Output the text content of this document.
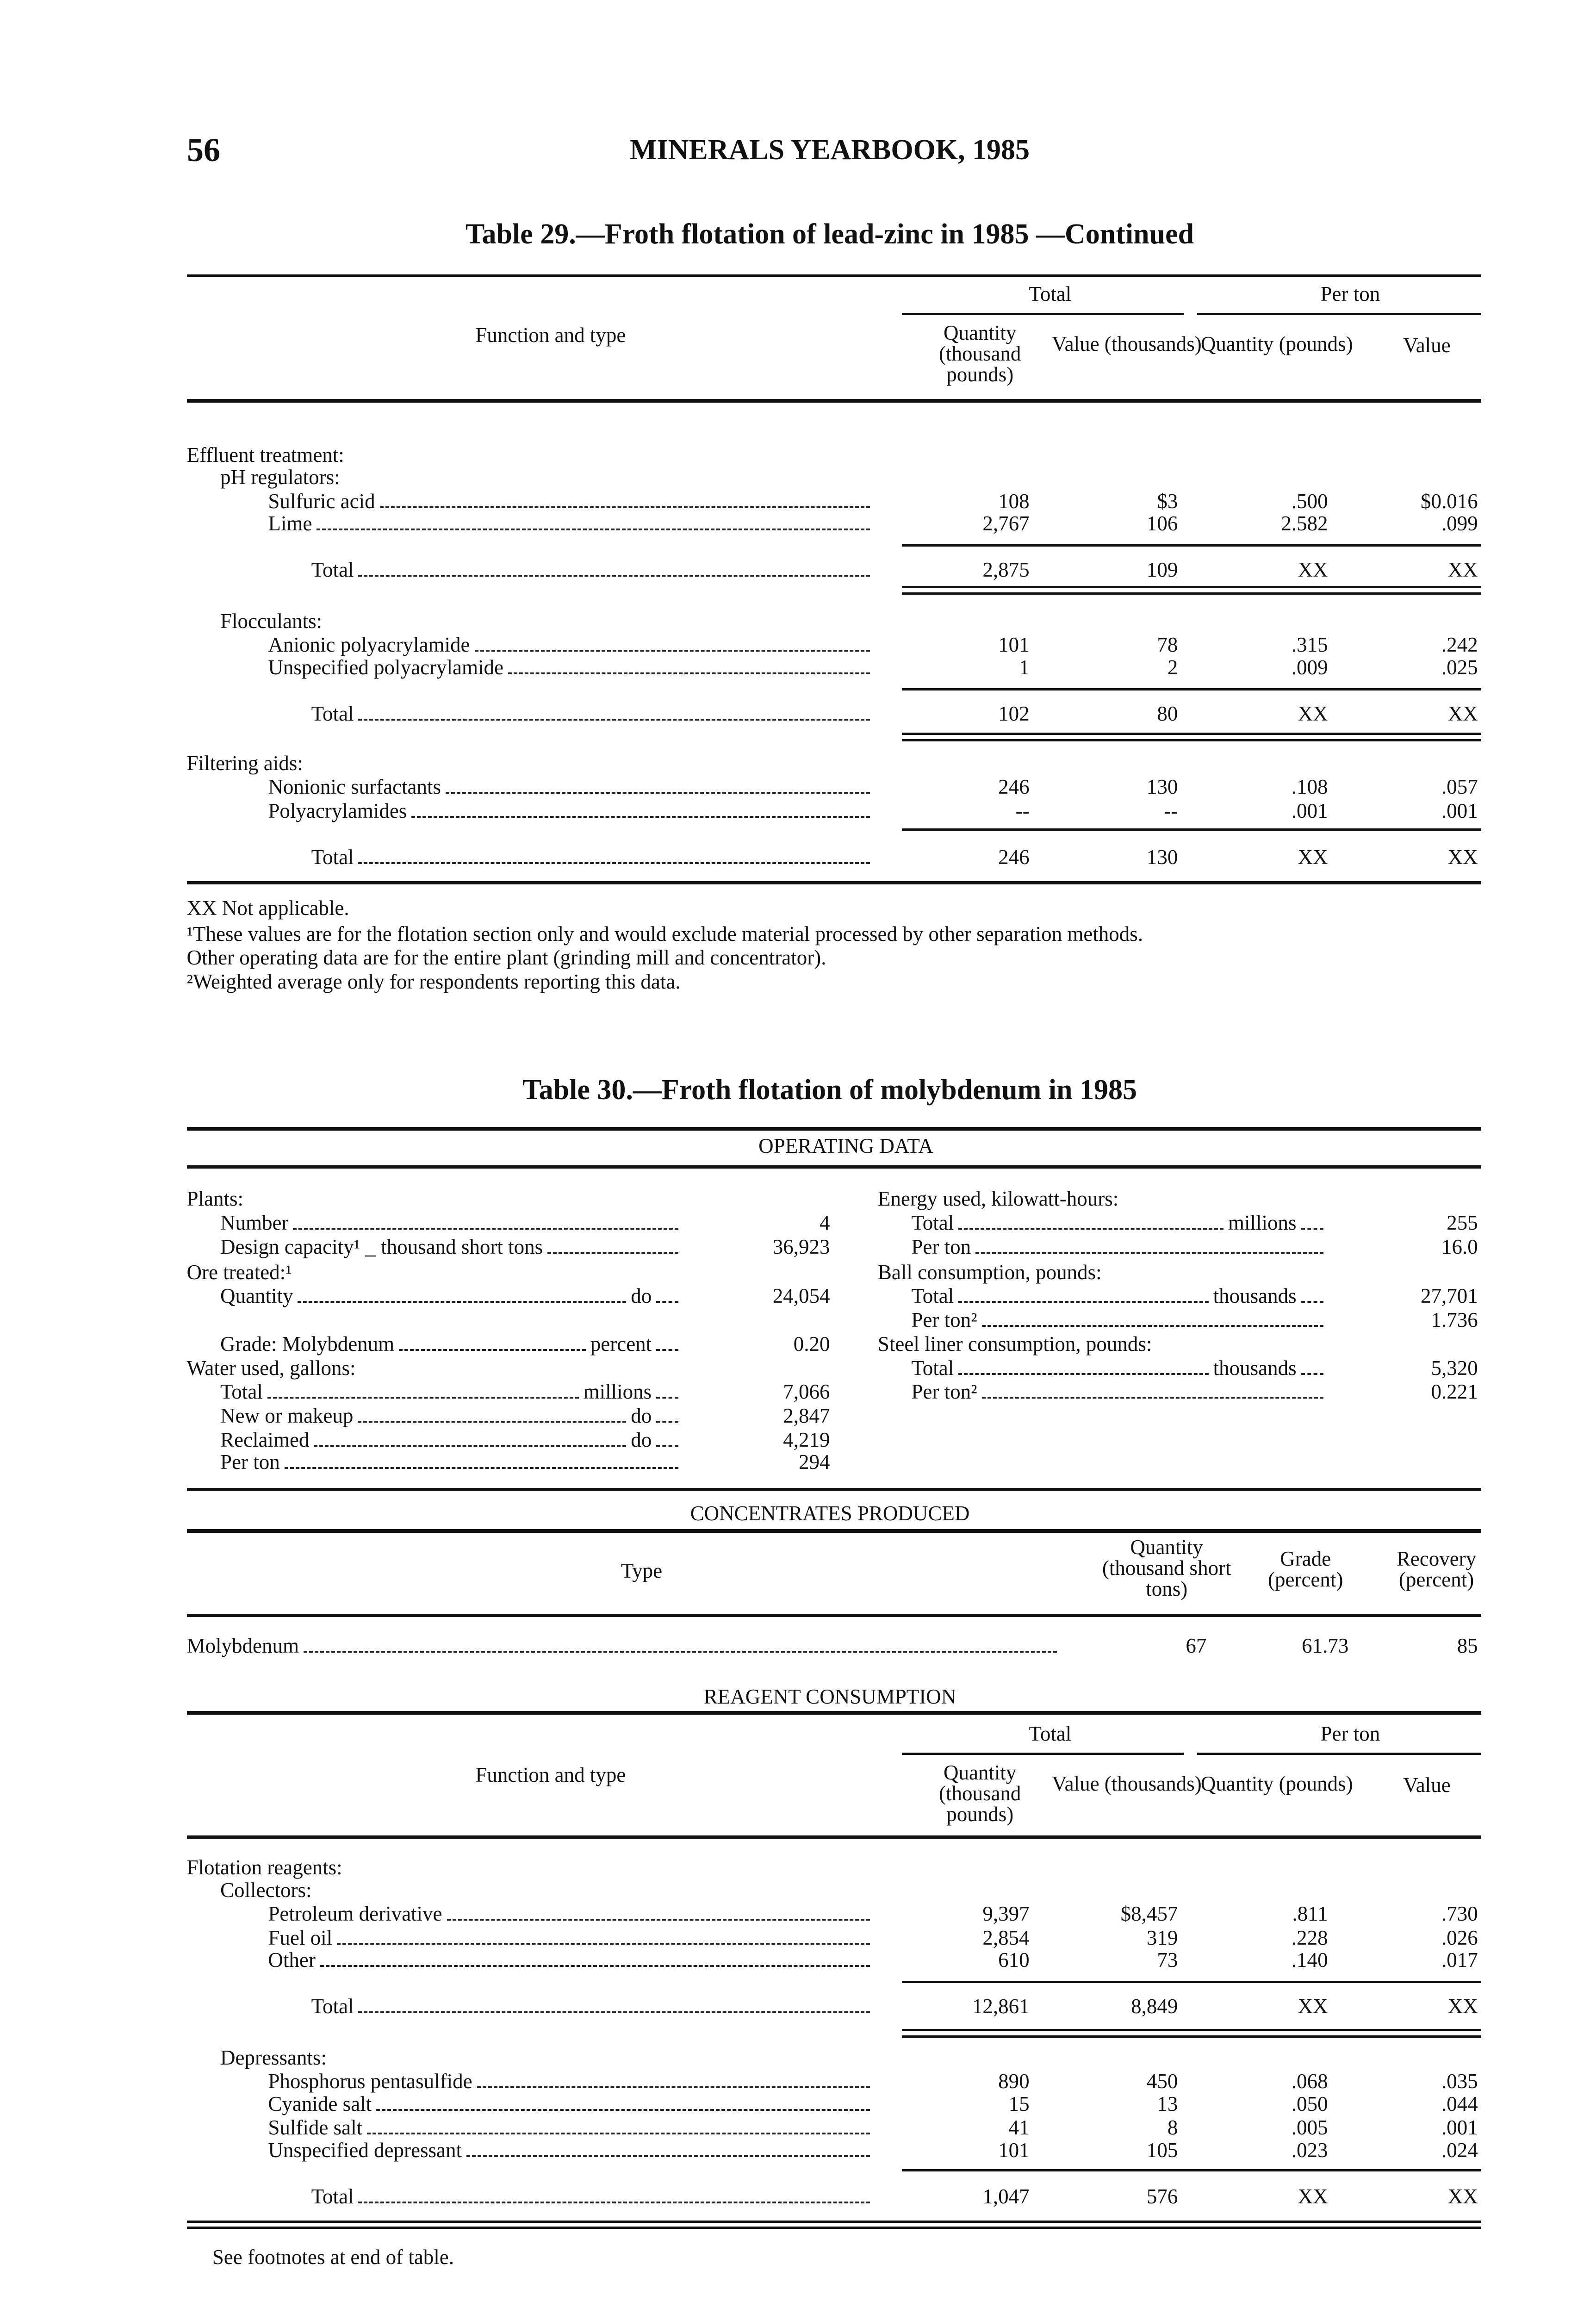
56	MINERALS YEARBOOK, 1985
Table 29.—Froth flotation of lead-zinc in 1985 —Continued
Table 30.—Froth flotation of molybdenum in 1985
Function and type
Total	Per ton
Quantity (thousand pounds)
Value (thousands)
Quantity (pounds)	Value
Effluent treatment:
pH regulators:
Sulfuric acid	108	$3	.500	$0.016
Lime	2,767	106	2.582	.099
Total	2,875	109	XX	XX
Flocculants:
Anionic polyacrylamide	101	78	.315	.242
Unspecified polyacrylamide	1	2	.009	.025
Total	102	80	XX	XX
Filtering aids:
Nonionic surfactants	246	130	.108	.057
Polyacrylamides	--	--	.001	.001
Total	246	130	XX	XX
XX Not applicable.
¹These values are for the flotation section only and would exclude material processed by other separation methods.
Other operating data are for the entire plant (grinding mill and concentrator).
²Weighted average only for respondents reporting this data.
OPERATING DATA
Plants:
Number	4
Design capacity¹ _ thousand short tons	36,923
Ore treated:¹
Quantity	do	24,054
Grade: Molybdenum	percent	0.20
Water used, gallons:
Total	millions	7,066
New or makeup	do	2,847
Reclaimed	do	4,219
Per ton	294
Energy used, kilowatt-hours:
Total	millions	255
Per ton	16.0
Ball consumption, pounds:
Total	thousands	27,701
Per ton²	1.736
Steel liner consumption, pounds:
Total	thousands	5,320
Per ton²	0.221
CONCENTRATES PRODUCED
Type
Quantity (thousand short tons)
Grade (percent)
Recovery (percent)
Molybdenum	67	61.73	85
REAGENT CONSUMPTION
Function and type
Total	Per ton
Quantity (thousand pounds)
Value (thousands)
Quantity (pounds)	Value
Flotation reagents:
Collectors:
Petroleum derivative	9,397	$8,457	.811	.730
Fuel oil	2,854	319	.228	.026
Other	610	73	.140	.017
Total	12,861	8,849	XX	XX
Depressants:
Phosphorus pentasulfide	890	450	.068	.035
Cyanide salt	15	13	.050	.044
Sulfide salt	41	8	.005	.001
Unspecified depressant	101	105	.023	.024
Total	1,047	576	XX	XX
See footnotes at end of table.
